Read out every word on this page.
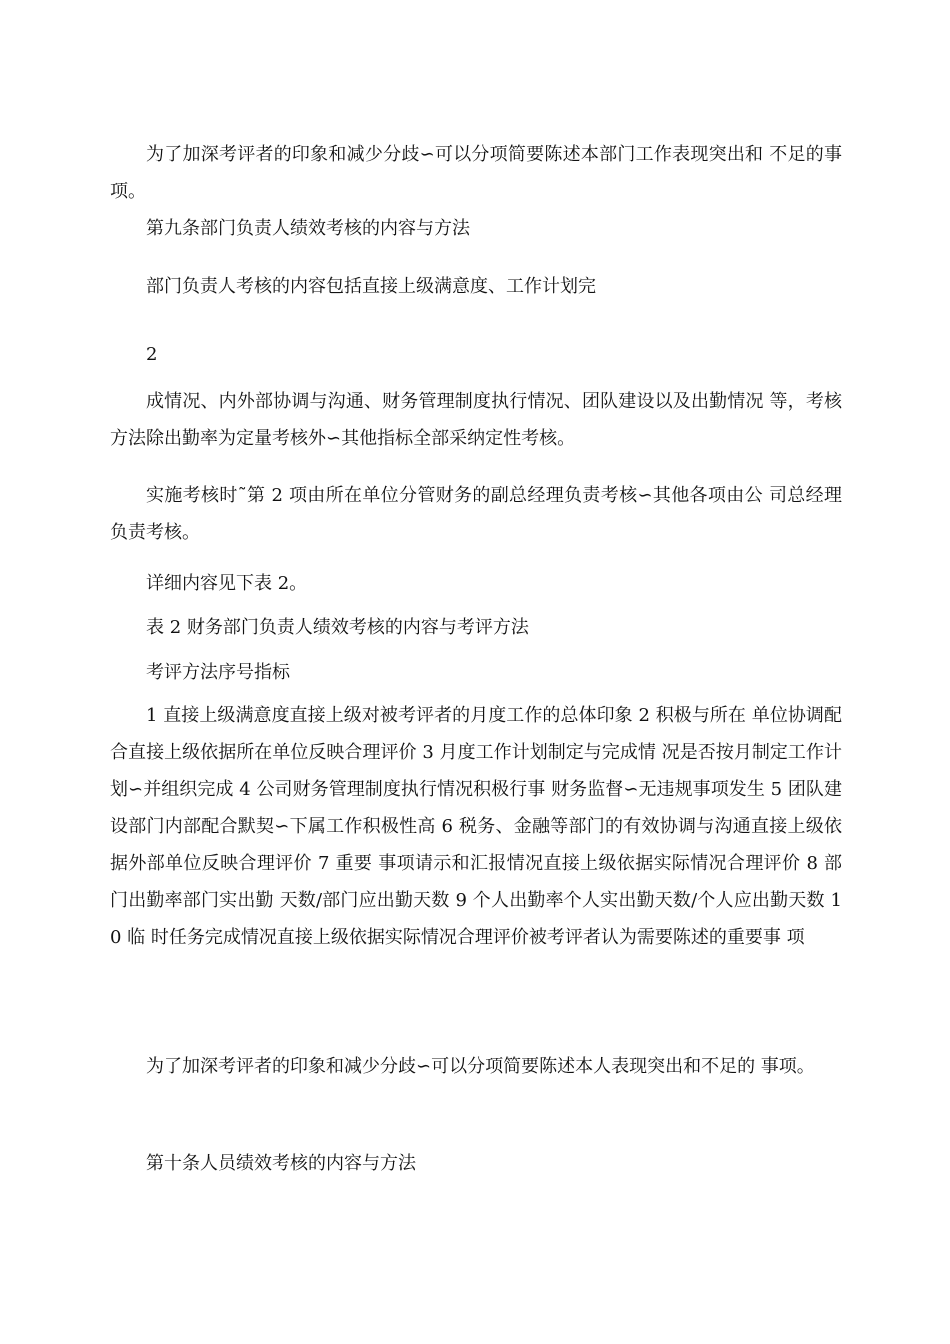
为了加深考评者的印象和减少分歧∽可以分项简要陈述本部门工作表现突出和 不足的事项。

第九条部门负责人绩效考核的内容与方法

部门负责人考核的内容包括直接上级满意度、工作计划完

2

成情况、内外部协调与沟通、财务管理制度执行情况、团队建设以及出勤情况 等，考核方法除出勤率为定量考核外∽其他指标全部采纳定性考核。

实施考核时˜第 2 项由所在单位分管财务的副总经理负责考核∽其他各项由公 司总经理负责考核。

详细内容见下表 2。

表 2 财务部门负责人绩效考核的内容与考评方法

考评方法序号指标

1 直接上级满意度直接上级对被考评者的月度工作的总体印象 2 积极与所在 单位协调配合直接上级依据所在单位反映合理评价 3 月度工作计划制定与完成情 况是否按月制定工作计划∽并组织完成 4 公司财务管理制度执行情况积极行事 财务监督∽无违规事项发生 5 团队建设部门内部配合默契∽下属工作积极性高 6 税务、金融等部门的有效协调与沟通直接上级依据外部单位反映合理评价 7 重要 事项请示和汇报情况直接上级依据实际情况合理评价 8 部门出勤率部门实出勤 天数/部门应出勤天数 9 个人出勤率个人实出勤天数/个人应出勤天数 10 临 时任务完成情况直接上级依据实际情况合理评价被考评者认为需要陈述的重要事 项

为了加深考评者的印象和减少分歧∽可以分项简要陈述本人表现突出和不足的 事项。

第十条人员绩效考核的内容与方法
